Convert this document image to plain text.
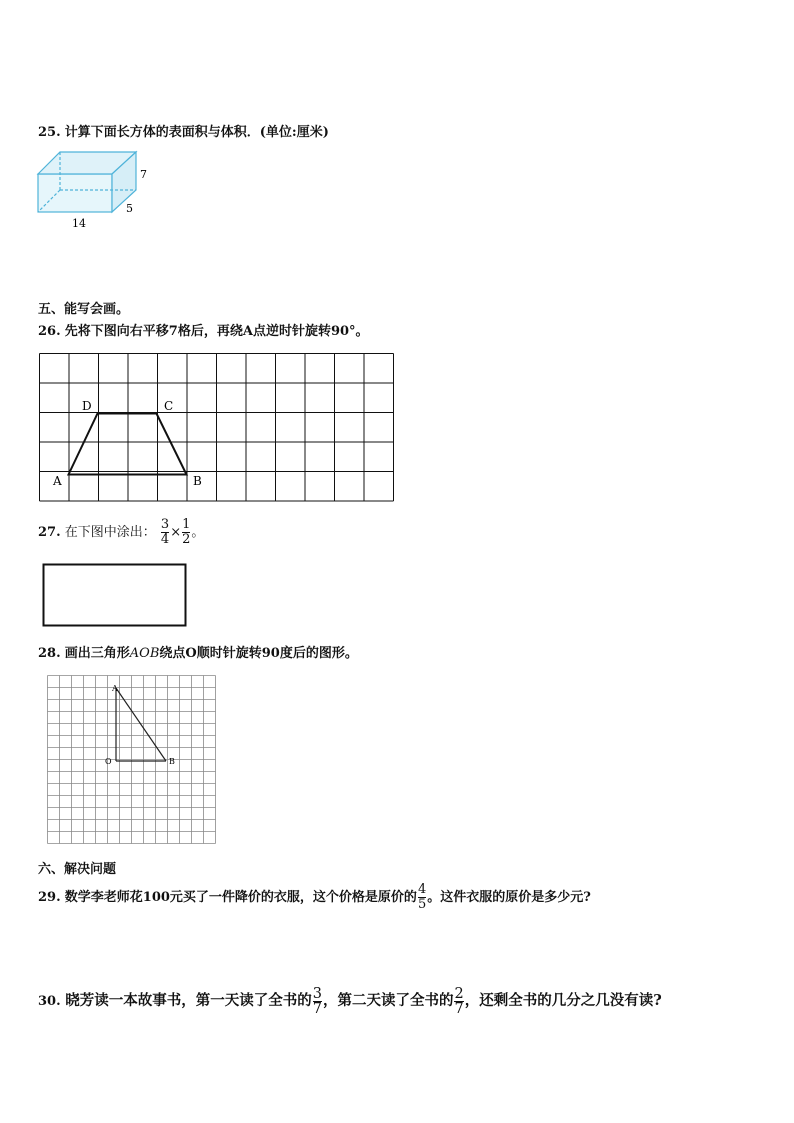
25. 计算下面长方体的表面积与体积．(单位:厘米)
7
5
14
五、能写会画。
26. 先将下图向右平移7格后，再绕A点逆时针旋转90°。
A	B
C
D
27. 在下图中涂出： $\frac{3}{4} \times \frac{1}{2}$ 。
28. 画出三角形AOB绕点O顺时针旋转90度后的图形。
A
O	B
六、解决问题
29. 数学李老师花100元买了一件降价的衣服，这个价格是原价的 $\frac{4}{5}$ 。这件衣服的原价是多少元?
30. 晓芳读一本故事书，第一天读了全书的 $\frac{3}{7}$ ，第二天读了全书的 $\frac{2}{7}$ ，还剩全书的几分之几没有读?
